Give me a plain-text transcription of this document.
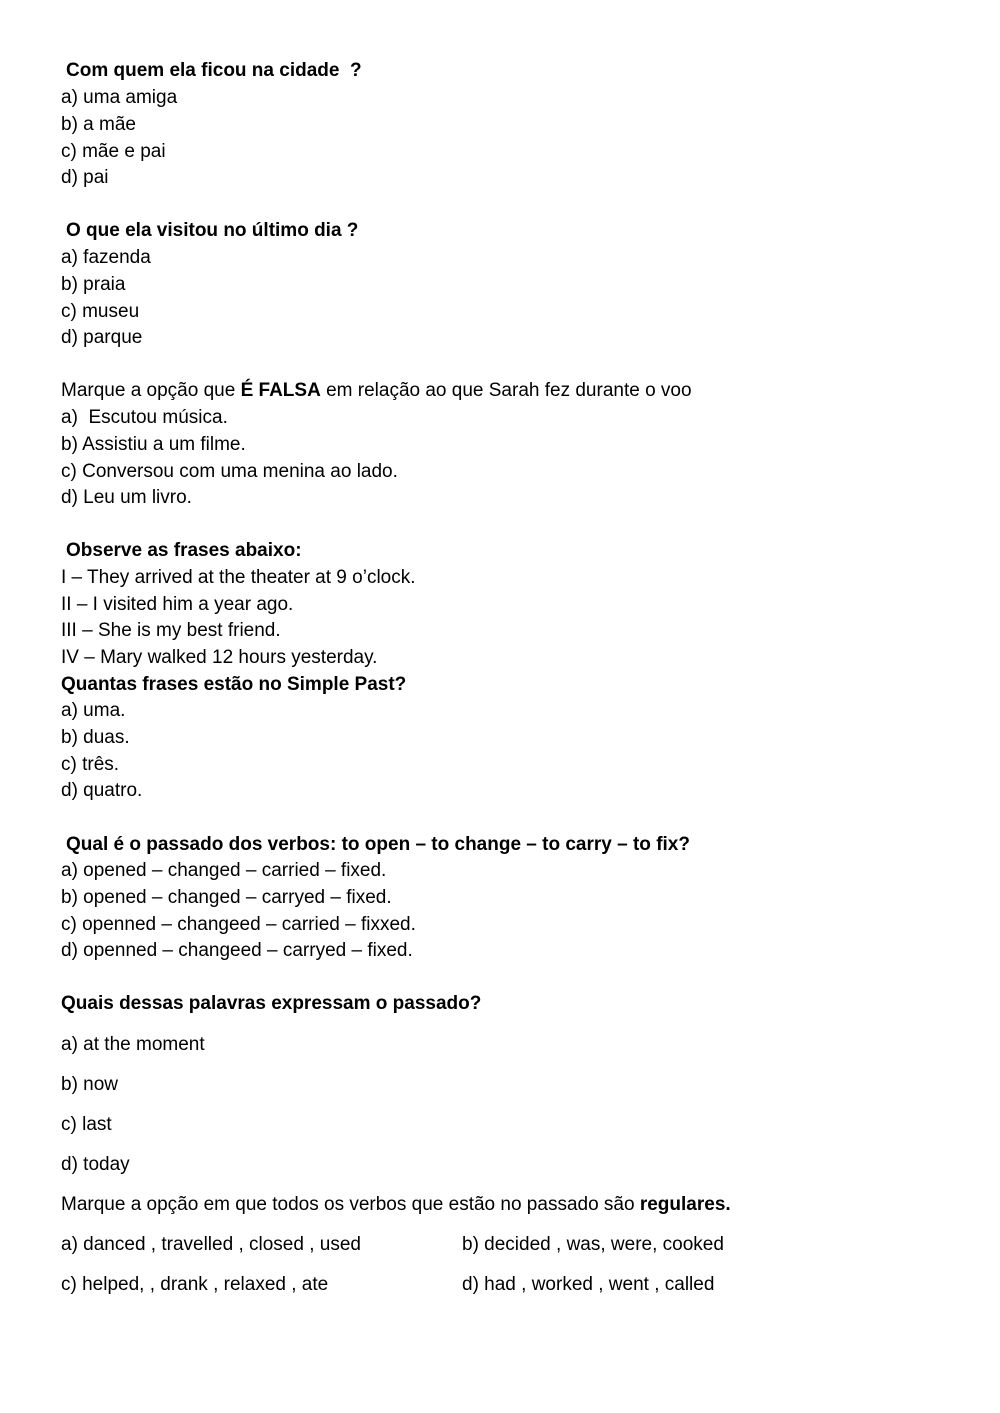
Com quem ela ficou na cidade  ?
a) uma amiga
b) a mãe
c) mãe e pai
d) pai
O que ela visitou no último dia ?
a) fazenda
b) praia
c) museu
d) parque
Marque a opção que É FALSA em relação ao que Sarah fez durante o voo
a)  Escutou música.
b) Assistiu a um filme.
c) Conversou com uma menina ao lado.
d) Leu um livro.
Observe as frases abaixo:
I – They arrived at the theater at 9 o’clock.
II – I visited him a year ago.
III – She is my best friend.
IV – Mary walked 12 hours yesterday.
Quantas frases estão no Simple Past?
a) uma.
b) duas.
c) três.
d) quatro.
Qual é o passado dos verbos: to open – to change – to carry – to fix?
a) opened – changed – carried – fixed.
b) opened – changed – carryed – fixed.
c) openned – changeed – carried – fixxed.
d) openned – changeed – carryed – fixed.
Quais dessas palavras expressam o passado?
a) at the moment
b) now
c) last
d) today
Marque a opção em que todos os verbos que estão no passado são regulares.
a) danced , travelled , closed , used	b) decided , was, were, cooked
c) helped, , drank , relaxed , ate	d) had , worked , went , called
